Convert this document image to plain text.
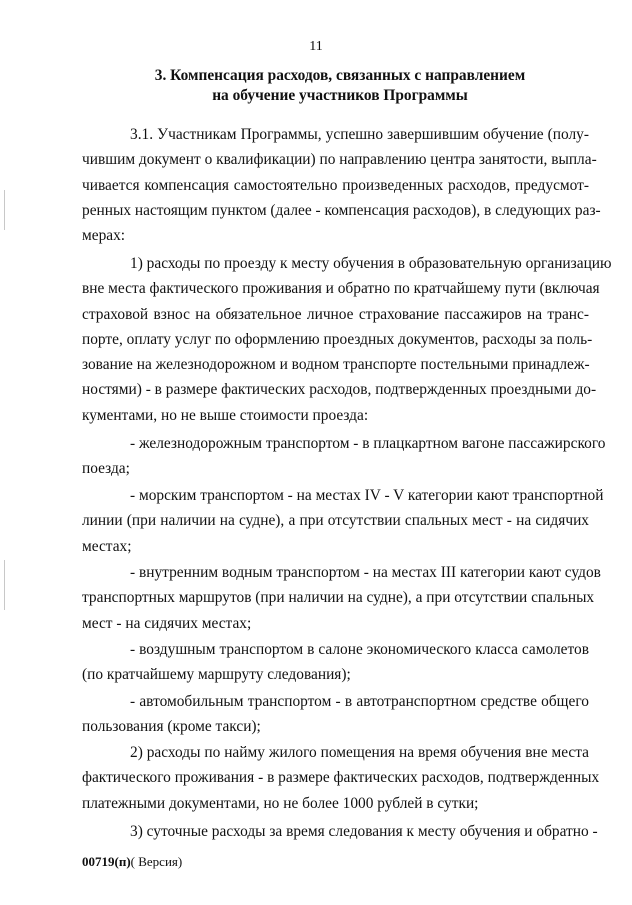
11
3. Компенсация расходов, связанных с направлением
на обучение участников Программы
3.1. Участникам Программы, успешно завершившим обучение (полу-
чившим документ о квалификации) по направлению центра занятости, выпла-
чивается компенсация самостоятельно произведенных расходов, предусмот-
ренных настоящим пунктом (далее - компенсация расходов), в следующих раз-
мерах:
1) расходы по проезду к месту обучения в образовательную организацию
вне места фактического проживания и обратно по кратчайшему пути (включая
страховой взнос на обязательное личное страхование пассажиров на транс-
порте, оплату услуг по оформлению проездных документов, расходы за поль-
зование на железнодорожном и водном транспорте постельными принадлеж-
ностями) - в размере фактических расходов, подтвержденных проездными до-
кументами, но не выше стоимости проезда:
- железнодорожным транспортом - в плацкартном вагоне пассажирского
поезда;
- морским транспортом - на местах IV - V категории кают транспортной
линии (при наличии на судне), а при отсутствии спальных мест - на сидячих
местах;
- внутренним водным транспортом - на местах III категории кают судов
транспортных маршрутов (при наличии на судне), а при отсутствии спальных
мест - на сидячих местах;
- воздушным транспортом в салоне экономического класса самолетов
(по кратчайшему маршруту следования);
- автомобильным транспортом - в автотранспортном средстве общего
пользования (кроме такси);
2) расходы по найму жилого помещения на время обучения вне места
фактического проживания - в размере фактических расходов, подтвержденных
платежными документами, но не более 1000 рублей в сутки;
3) суточные расходы за время следования к месту обучения и обратно -
00719(п)( Версия)
